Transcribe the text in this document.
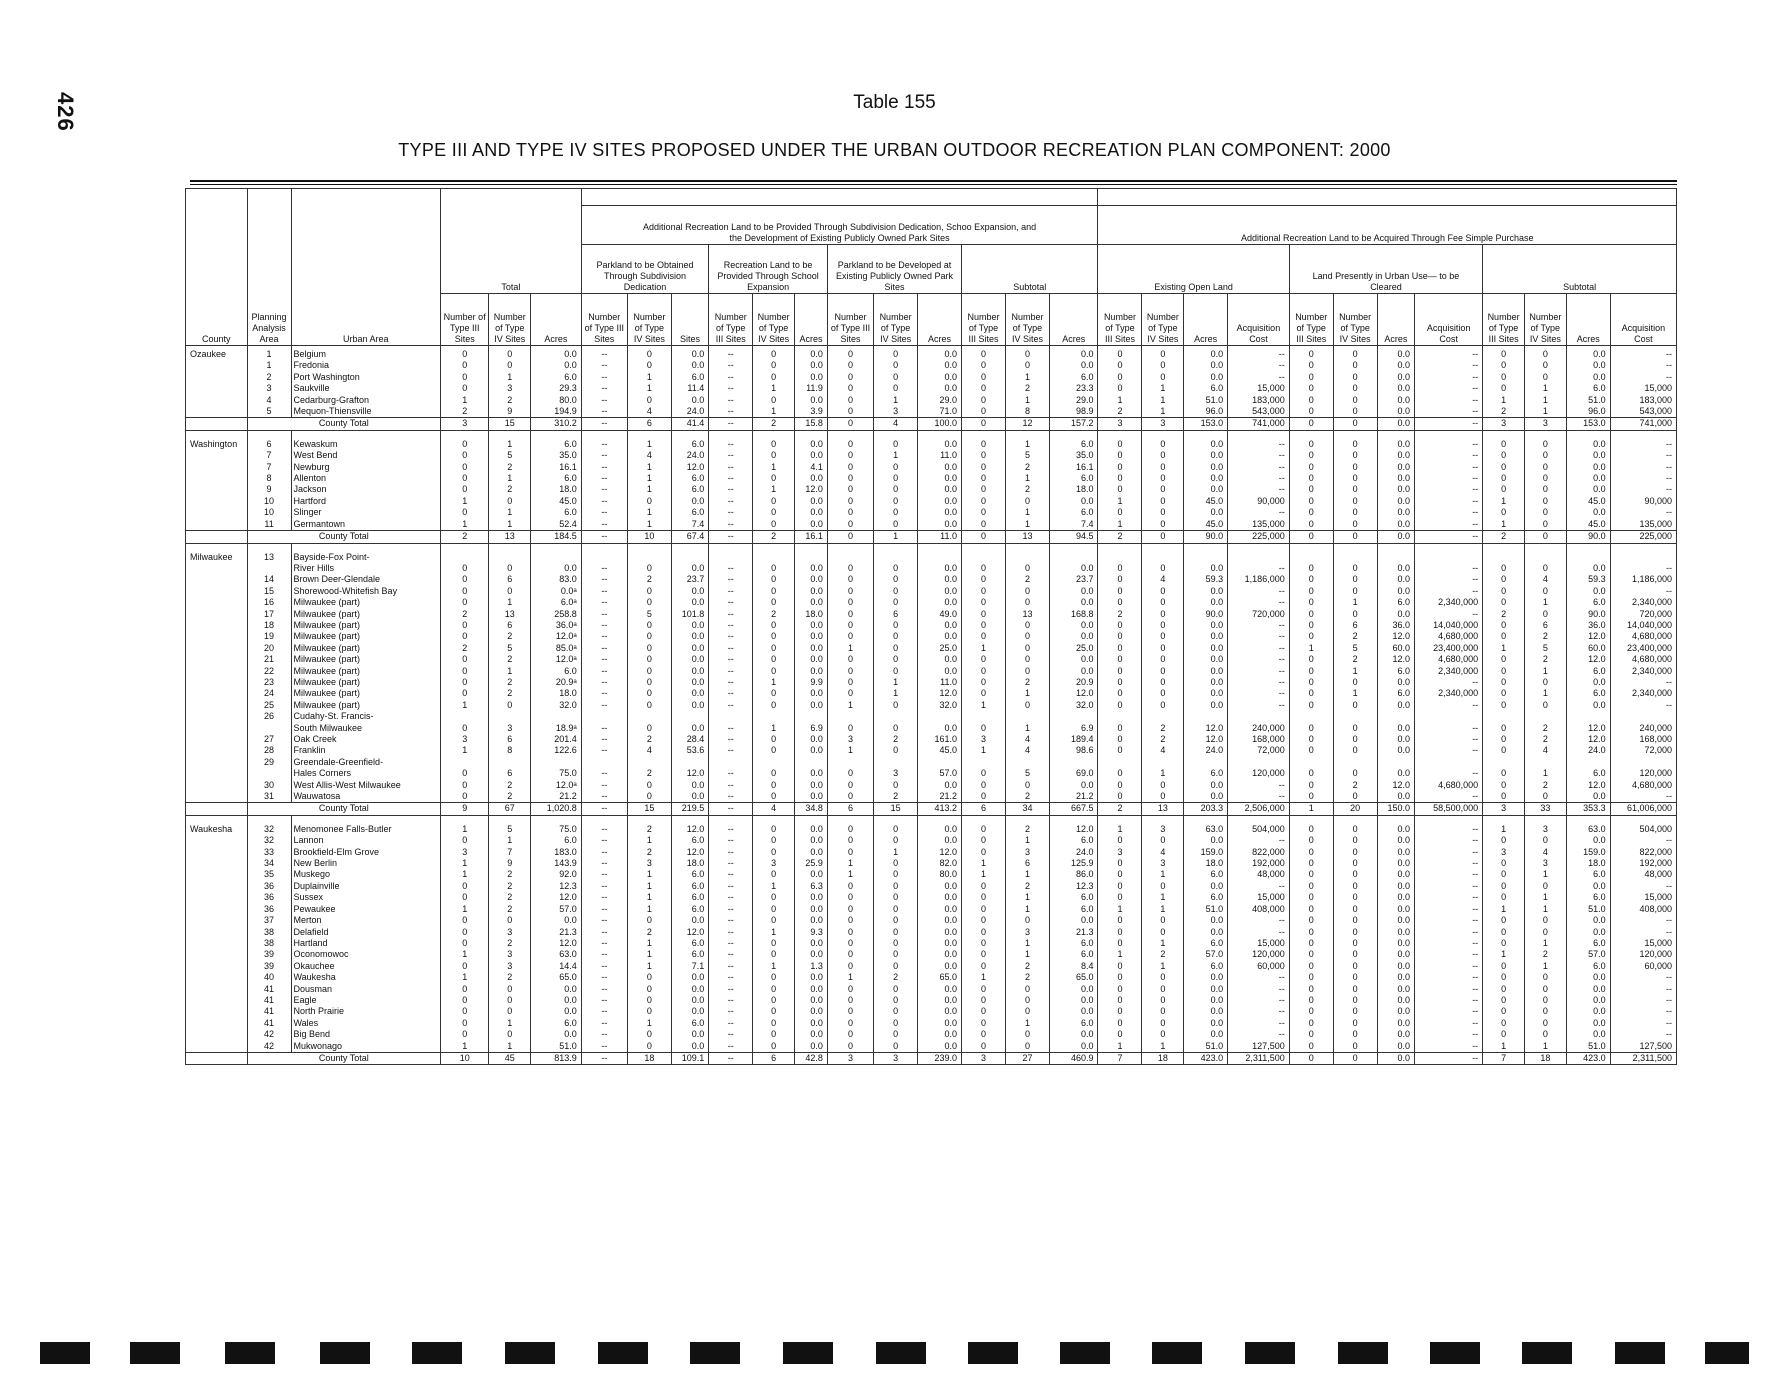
426	Table 155
TYPE III AND TYPE IV SITES PROPOSED UNDER THE URBAN OUTDOOR RECREATION PLAN COMPONENT: 2000

			Total			Additional Recreation Land to be Provided Through Subdivision Dedication, Schoo Expansion, and the Development of Existing Publicly Owned Park Sites												Additional Recreation Land to be Acquired Through Fee Simple Purchase											
						Parkland to be Obtained Through Subdivision Dedication			Recreation Land to be Provided Through School Expansion			Parkland to be Developed at Existing Publicly Owned Park Sites			Subtotal			Existing Open Land				Land Presently in Urban Use— to be Cleared				Subtotal			
County	Planning Analysis Area	Urban Area	Number of Type III Sites	Number of Type IV Sites	Acres	Number of Type III Sites	Number of Type IV Sites	Sites	Number of Type III Sites	Number of Type IV Sites	Acres	Number of Type III Sites	Number of Type IV Sites	Acres	Number of Type III Sites	Number of Type IV Sites	Acres	Number of Type III Sites	Number of Type IV Sites	Acres	Acquisition Cost	Number of Type III Sites	Number of Type IV Sites	Acres	Acquisition Cost	Number of Type III Sites	Number of Type IV Sites	Acres	Acquisition Cost
Ozaukee	1	Belgium	0	0	0.0	--	0	0.0	--	0	0.0	0	0	0.0	0	0	0.0	0	0	0.0	--	0	0	0.0	--	0	0	0.0	--
	1	Fredonia	0	0	0.0	--	0	0.0	--	0	0.0	0	0	0.0	0	0	0.0	0	0	0.0	--	0	0	0.0	--	0	0	0.0	--
	2	Port Washington	0	1	6.0	--	1	6.0	--	0	0.0	0	0	0.0	0	1	6.0	0	0	0.0	--	0	0	0.0	--	0	0	0.0	--
	3	Saukville	0	3	29.3	--	1	11.4	--	1	11.9	0	0	0.0	0	2	23.3	0	1	6.0	15,000	0	0	0.0	--	0	1	6.0	15,000
	4	Cedarburg-Grafton	1	2	80.0	--	0	0.0	--	0	0.0	0	1	29.0	0	1	29.0	1	1	51.0	183,000	0	0	0.0	--	1	1	51.0	183,000
	5	Mequon-Thiensville	2	9	194.9	--	4	24.0	--	1	3.9	0	3	71.0	0	8	98.9	2	1	96.0	543,000	0	0	0.0	--	2	1	96.0	543,000
	County Total		3	15	310.2	--	6	41.4	--	2	15.8	0	4	100.0	0	12	157.2	3	3	153.0	741,000	0	0	0.0	--	3	3	153.0	741,000

Washington	6	Kewaskum	0	1	6.0	--	1	6.0	--	0	0.0	0	0	0.0	0	1	6.0	0	0	0.0	--	0	0	0.0	--	0	0	0.0	--
	7	West Bend	0	5	35.0	--	4	24.0	--	0	0.0	0	1	11.0	0	5	35.0	0	0	0.0	--	0	0	0.0	--	0	0	0.0	--
	7	Newburg	0	2	16.1	--	1	12.0	--	1	4.1	0	0	0.0	0	2	16.1	0	0	0.0	--	0	0	0.0	--	0	0	0.0	--
	8	Allenton	0	1	6.0	--	1	6.0	--	0	0.0	0	0	0.0	0	1	6.0	0	0	0.0	--	0	0	0.0	--	0	0	0.0	--
	9	Jackson	0	2	18.0	--	1	6.0	--	1	12.0	0	0	0.0	0	2	18.0	0	0	0.0	--	0	0	0.0	--	0	0	0.0	--
	10	Hartford	1	0	45.0	--	0	0.0	--	0	0.0	0	0	0.0	0	0	0.0	1	0	45.0	90,000	0	0	0.0	--	1	0	45.0	90,000
	10	Slinger	0	1	6.0	--	1	6.0	--	0	0.0	0	0	0.0	0	1	6.0	0	0	0.0	--	0	0	0.0	--	0	0	0.0	--
	11	Germantown	1	1	52.4	--	1	7.4	--	0	0.0	0	0	0.0	0	1	7.4	1	0	45.0	135,000	0	0	0.0	--	1	0	45.0	135,000
	County Total		2	13	184.5	--	10	67.4	--	2	16.1	0	1	11.0	0	13	94.5	2	0	90.0	225,000	0	0	0.0	--	2	0	90.0	225,000

Milwaukee	13	Bayside-Fox Point-																											
		River Hills	0	0	0.0	--	0	0.0	--	0	0.0	0	0	0.0	0	0	0.0	0	0	0.0	--	0	0	0.0	--	0	0	0.0	--
	14	Brown Deer-Glendale	0	6	83.0	--	2	23.7	--	0	0.0	0	0	0.0	0	2	23.7	0	4	59.3	1,186,000	0	0	0.0	--	0	4	59.3	1,186,000
	15	Shorewood-Whitefish Bay	0	0	0.0ᵃ	--	0	0.0	--	0	0.0	0	0	0.0	0	0	0.0	0	0	0.0	--	0	0	0.0	--	0	0	0.0	--
	16	Milwaukee (part)	0	1	6.0ᵃ	--	0	0.0	--	0	0.0	0	0	0.0	0	0	0.0	0	0	0.0	--	0	1	6.0	2,340,000	0	1	6.0	2,340,000
	17	Milwaukee (part)	2	13	258.8	--	5	101.8	--	2	18.0	0	6	49.0	0	13	168.8	2	0	90.0	720,000	0	0	0.0	--	2	0	90.0	720,000
	18	Milwaukee (part)	0	6	36.0ᵃ	--	0	0.0	--	0	0.0	0	0	0.0	0	0	0.0	0	0	0.0	--	0	6	36.0	14,040,000	0	6	36.0	14,040,000
	19	Milwaukee (part)	0	2	12.0ᵃ	--	0	0.0	--	0	0.0	0	0	0.0	0	0	0.0	0	0	0.0	--	0	2	12.0	4,680,000	0	2	12.0	4,680,000
	20	Milwaukee (part)	2	5	85.0ᵃ	--	0	0.0	--	0	0.0	1	0	25.0	1	0	25.0	0	0	0.0	--	1	5	60.0	23,400,000	1	5	60.0	23,400,000
	21	Milwaukee (part)	0	2	12.0ᵃ	--	0	0.0	--	0	0.0	0	0	0.0	0	0	0.0	0	0	0.0	--	0	2	12.0	4,680,000	0	2	12.0	4,680,000
	22	Milwaukee (part)	0	1	6.0	--	0	0.0	--	0	0.0	0	0	0.0	0	0	0.0	0	0	0.0	--	0	1	6.0	2,340,000	0	1	6.0	2,340,000
	23	Milwaukee (part)	0	2	20.9ᵃ	--	0	0.0	--	1	9.9	0	1	11.0	0	2	20.9	0	0	0.0	--	0	0	0.0	--	0	0	0.0	--
	24	Milwaukee (part)	0	2	18.0	--	0	0.0	--	0	0.0	0	1	12.0	0	1	12.0	0	0	0.0	--	0	1	6.0	2,340,000	0	1	6.0	2,340,000
	25	Milwaukee (part)	1	0	32.0	--	0	0.0	--	0	0.0	1	0	32.0	1	0	32.0	0	0	0.0	--	0	0	0.0	--	0	0	0.0	--
	26	Cudahy-St. Francis-																											
		South Milwaukee	0	3	18.9ᵃ	--	0	0.0	--	1	6.9	0	0	0.0	0	1	6.9	0	2	12.0	240,000	0	0	0.0	--	0	2	12.0	240,000
	27	Oak Creek	3	6	201.4	--	2	28.4	--	0	0.0	3	2	161.0	3	4	189.4	0	2	12.0	168,000	0	0	0.0	--	0	2	12.0	168,000
	28	Franklin	1	8	122.6	--	4	53.6	--	0	0.0	1	0	45.0	1	4	98.6	0	4	24.0	72,000	0	0	0.0	--	0	4	24.0	72,000
	29	Greendale-Greenfield-																											
		Hales Corners	0	6	75.0	--	2	12.0	--	0	0.0	0	3	57.0	0	5	69.0	0	1	6.0	120,000	0	0	0.0	--	0	1	6.0	120,000
	30	West Allis-West Milwaukee	0	2	12.0ᵃ	--	0	0.0	--	0	0.0	0	0	0.0	0	0	0.0	0	0	0.0	--	0	2	12.0	4,680,000	0	2	12.0	4,680,000
	31	Wauwatosa	0	2	21.2	--	0	0.0	--	0	0.0	0	2	21.2	0	2	21.2	0	0	0.0	--	0	0	0.0	--	0	0	0.0	--
	County Total		9	67	1,020.8	--	15	219.5	--	4	34.8	6	15	413.2	6	34	667.5	2	13	203.3	2,506,000	1	20	150.0	58,500,000	3	33	353.3	61,006,000

Waukesha	32	Menomonee Falls-Butler	1	5	75.0	--	2	12.0	--	0	0.0	0	0	0.0	0	2	12.0	1	3	63.0	504,000	0	0	0.0	--	1	3	63.0	504,000
	32	Lannon	0	1	6.0	--	1	6.0	--	0	0.0	0	0	0.0	0	1	6.0	0	0	0.0	--	0	0	0.0	--	0	0	0.0	--
	33	Brookfield-Elm Grove	3	7	183.0	--	2	12.0	--	0	0.0	0	1	12.0	0	3	24.0	3	4	159.0	822,000	0	0	0.0	--	3	4	159.0	822,000
	34	New Berlin	1	9	143.9	--	3	18.0	--	3	25.9	1	0	82.0	1	6	125.9	0	3	18.0	192,000	0	0	0.0	--	0	3	18.0	192,000
	35	Muskego	1	2	92.0	--	1	6.0	--	0	0.0	1	0	80.0	1	1	86.0	0	1	6.0	48,000	0	0	0.0	--	0	1	6.0	48,000
	36	Duplainville	0	2	12.3	--	1	6.0	--	1	6.3	0	0	0.0	0	2	12.3	0	0	0.0	--	0	0	0.0	--	0	0	0.0	--
	36	Sussex	0	2	12.0	--	1	6.0	--	0	0.0	0	0	0.0	0	1	6.0	0	1	6.0	15,000	0	0	0.0	--	0	1	6.0	15,000
	36	Pewaukee	1	2	57.0	--	1	6.0	--	0	0.0	0	0	0.0	0	1	6.0	1	1	51.0	408,000	0	0	0.0	--	1	1	51.0	408,000
	37	Merton	0	0	0.0	--	0	0.0	--	0	0.0	0	0	0.0	0	0	0.0	0	0	0.0	--	0	0	0.0	--	0	0	0.0	--
	38	Delafield	0	3	21.3	--	2	12.0	--	1	9.3	0	0	0.0	0	3	21.3	0	0	0.0	--	0	0	0.0	--	0	0	0.0	--
	38	Hartland	0	2	12.0	--	1	6.0	--	0	0.0	0	0	0.0	0	1	6.0	0	1	6.0	15,000	0	0	0.0	--	0	1	6.0	15,000
	39	Oconomowoc	1	3	63.0	--	1	6.0	--	0	0.0	0	0	0.0	0	1	6.0	1	2	57.0	120,000	0	0	0.0	--	1	2	57.0	120,000
	39	Okauchee	0	3	14.4	--	1	7.1	--	1	1.3	0	0	0.0	0	2	8.4	0	1	6.0	60,000	0	0	0.0	--	0	1	6.0	60,000
	40	Waukesha	1	2	65.0	--	0	0.0	--	0	0.0	1	2	65.0	1	2	65.0	0	0	0.0	--	0	0	0.0	--	0	0	0.0	--
	41	Dousman	0	0	0.0	--	0	0.0	--	0	0.0	0	0	0.0	0	0	0.0	0	0	0.0	--	0	0	0.0	--	0	0	0.0	--
	41	Eagle	0	0	0.0	--	0	0.0	--	0	0.0	0	0	0.0	0	0	0.0	0	0	0.0	--	0	0	0.0	--	0	0	0.0	--
	41	North Prairie	0	0	0.0	--	0	0.0	--	0	0.0	0	0	0.0	0	0	0.0	0	0	0.0	--	0	0	0.0	--	0	0	0.0	--
	41	Wales	0	1	6.0	--	1	6.0	--	0	0.0	0	0	0.0	0	1	6.0	0	0	0.0	--	0	0	0.0	--	0	0	0.0	--
	42	Big Bend	0	0	0.0	--	0	0.0	--	0	0.0	0	0	0.0	0	0	0.0	0	0	0.0	--	0	0	0.0	--	0	0	0.0	--
	42	Mukwonago	1	1	51.0	--	0	0.0	--	0	0.0	0	0	0.0	0	0	0.0	1	1	51.0	127,500	0	0	0.0	--	1	1	51.0	127,500
	County Total		10	45	813.9	--	18	109.1	--	6	42.8	3	3	239.0	3	27	460.9	7	18	423.0	2,311,500	0	0	0.0	--	7	18	423.0	2,311,500
